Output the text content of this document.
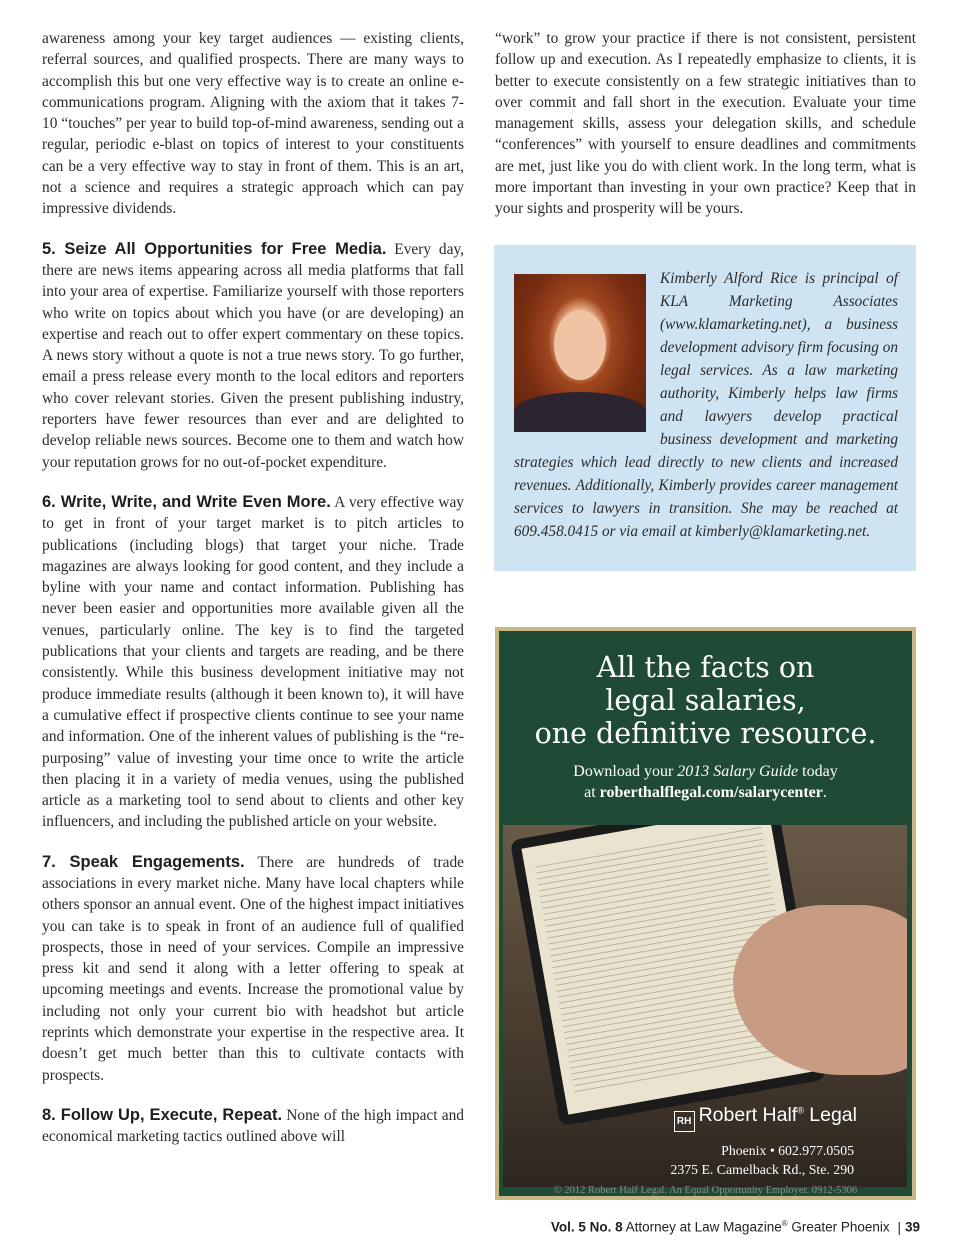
awareness among your key target audiences — existing clients, referral sources, and qualified prospects. There are many ways to accomplish this but one very effective way is to create an online e-communications program. Aligning with the axiom that it takes 7-10 “touches” per year to build top-of-mind awareness, sending out a regular, periodic e-blast on topics of interest to your constituents can be a very effective way to stay in front of them. This is an art, not a science and requires a strategic approach which can pay impressive dividends.

5. Seize All Opportunities for Free Media. Every day, there are news items appearing across all media platforms that fall into your area of expertise. Familiarize yourself with those reporters who write on topics about which you have (or are developing) an expertise and reach out to offer expert commentary on these topics. A news story without a quote is not a true news story. To go further, email a press release every month to the local editors and reporters who cover relevant stories. Given the present publishing industry, reporters have fewer resources than ever and are delighted to develop reliable news sources. Become one to them and watch how your reputation grows for no out-of-pocket expenditure.

6. Write, Write, and Write Even More. A very effective way to get in front of your target market is to pitch articles to publications (including blogs) that target your niche. Trade magazines are always looking for good content, and they include a byline with your name and contact information. Publishing has never been easier and opportunities more available given all the venues, particularly online. The key is to find the targeted publications that your clients and targets are reading, and be there consistently. While this business development initiative may not produce immediate results (although it been known to), it will have a cumulative effect if prospective clients continue to see your name and information. One of the inherent values of publishing is the “re-purposing” value of investing your time once to write the article then placing it in a variety of media venues, using the published article as a marketing tool to send about to clients and other key influencers, and including the published article on your website.

7. Speak Engagements. There are hundreds of trade associations in every market niche. Many have local chapters while others sponsor an annual event. One of the highest impact initiatives you can take is to speak in front of an audience full of qualified prospects, those in need of your services. Compile an impressive press kit and send it along with a letter offering to speak at upcoming meetings and events. Increase the promotional value by including not only your current bio with headshot but article reprints which demonstrate your expertise in the respective area. It doesn’t get much better than this to cultivate contacts with prospects.

8. Follow Up, Execute, Repeat. None of the high impact and economical marketing tactics outlined above will

“work” to grow your practice if there is not consistent, persistent follow up and execution. As I repeatedly emphasize to clients, it is better to execute consistently on a few strategic initiatives than to over commit and fall short in the execution. Evaluate your time management skills, assess your delegation skills, and schedule “conferences” with yourself to ensure deadlines and commitments are met, just like you do with client work. In the long term, what is more important than investing in your own practice? Keep that in your sights and prosperity will be yours.

Kimberly Alford Rice is principal of KLA Marketing Associates (www.klamarketing.net), a business development advisory firm focusing on legal services. As a law marketing authority, Kimberly helps law firms and lawyers develop practical business development and marketing strategies which lead directly to new clients and increased revenues. Additionally, Kimberly provides career management services to lawyers in transition. She may be reached at 609.458.0415 or via email at kimberly@klamarketing.net.
All the facts on
legal salaries,
one definitive resource.
Download your 2013 Salary Guide today
at roberthalflegal.com/salarycenter.
RH Robert Half® Legal
Phoenix • 602.977.0505
2375 E. Camelback Rd., Ste. 290
© 2012 Robert Half Legal. An Equal Opportunity Employer. 0912-5306
Vol. 5 No. 8 Attorney at Law Magazine® Greater Phoenix | 39
